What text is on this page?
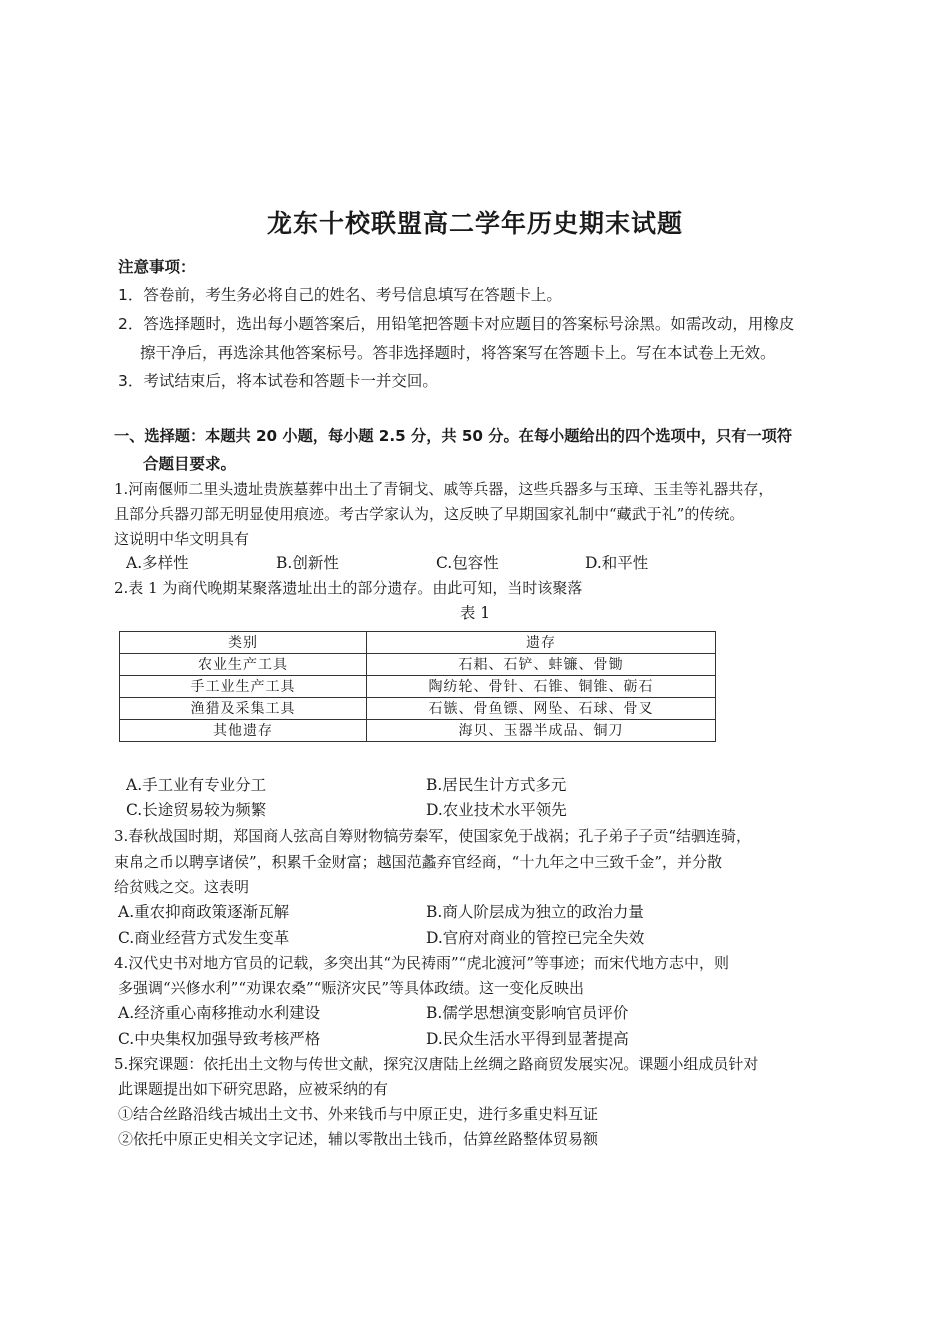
龙东十校联盟高二学年历史期末试题
注意事项：
1．答卷前，考生务必将自己的姓名、考号信息填写在答题卡上。
2．答选择题时，选出每小题答案后，用铅笔把答题卡对应题目的答案标号涂黑。如需改动，用橡皮
擦干净后，再选涂其他答案标号。答非选择题时，将答案写在答题卡上。写在本试卷上无效。
3．考试结束后，将本试卷和答题卡一并交回。
一、选择题：本题共 20 小题，每小题 2.5 分，共 50 分。在每小题给出的四个选项中，只有一项符
合题目要求。
1.河南偃师二里头遗址贵族墓葬中出土了青铜戈、戚等兵器，这些兵器多与玉璋、玉圭等礼器共存，
且部分兵器刃部无明显使用痕迹。考古学家认为，这反映了早期国家礼制中“藏武于礼”的传统。
这说明中华文明具有
A.多样性	B.创新性	C.包容性	D.和平性
2.表 1 为商代晚期某聚落遗址出土的部分遗存。由此可知，当时该聚落
表 1
类别	遗存
农业生产工具	石耜、石铲、蚌镰、骨锄
手工业生产工具	陶纺轮、骨针、石锥、铜锥、砺石
渔猎及采集工具	石镞、骨鱼镖、网坠、石球、骨叉
其他遗存	海贝、玉器半成品、铜刀
A.手工业有专业分工	B.居民生计方式多元
C.长途贸易较为频繁	D.农业技术水平领先
3.春秋战国时期，郑国商人弦高自筹财物犒劳秦军，使国家免于战祸；孔子弟子子贡“结驷连骑，
束帛之币以聘享诸侯”，积累千金财富；越国范蠡弃官经商，“十九年之中三致千金”，并分散
给贫贱之交。这表明
A.重农抑商政策逐渐瓦解	B.商人阶层成为独立的政治力量
C.商业经营方式发生变革	D.官府对商业的管控已完全失效
4.汉代史书对地方官员的记载，多突出其“为民祷雨”“虎北渡河”等事迹；而宋代地方志中，则
多强调“兴修水利”“劝课农桑”“赈济灾民”等具体政绩。这一变化反映出
A.经济重心南移推动水利建设	B.儒学思想演变影响官员评价
C.中央集权加强导致考核严格	D.民众生活水平得到显著提高
5.探究课题：依托出土文物与传世文献，探究汉唐陆上丝绸之路商贸发展实况。课题小组成员针对
此课题提出如下研究思路，应被采纳的有
①结合丝路沿线古城出土文书、外来钱币与中原正史，进行多重史料互证
②依托中原正史相关文字记述，辅以零散出土钱币，估算丝路整体贸易额
